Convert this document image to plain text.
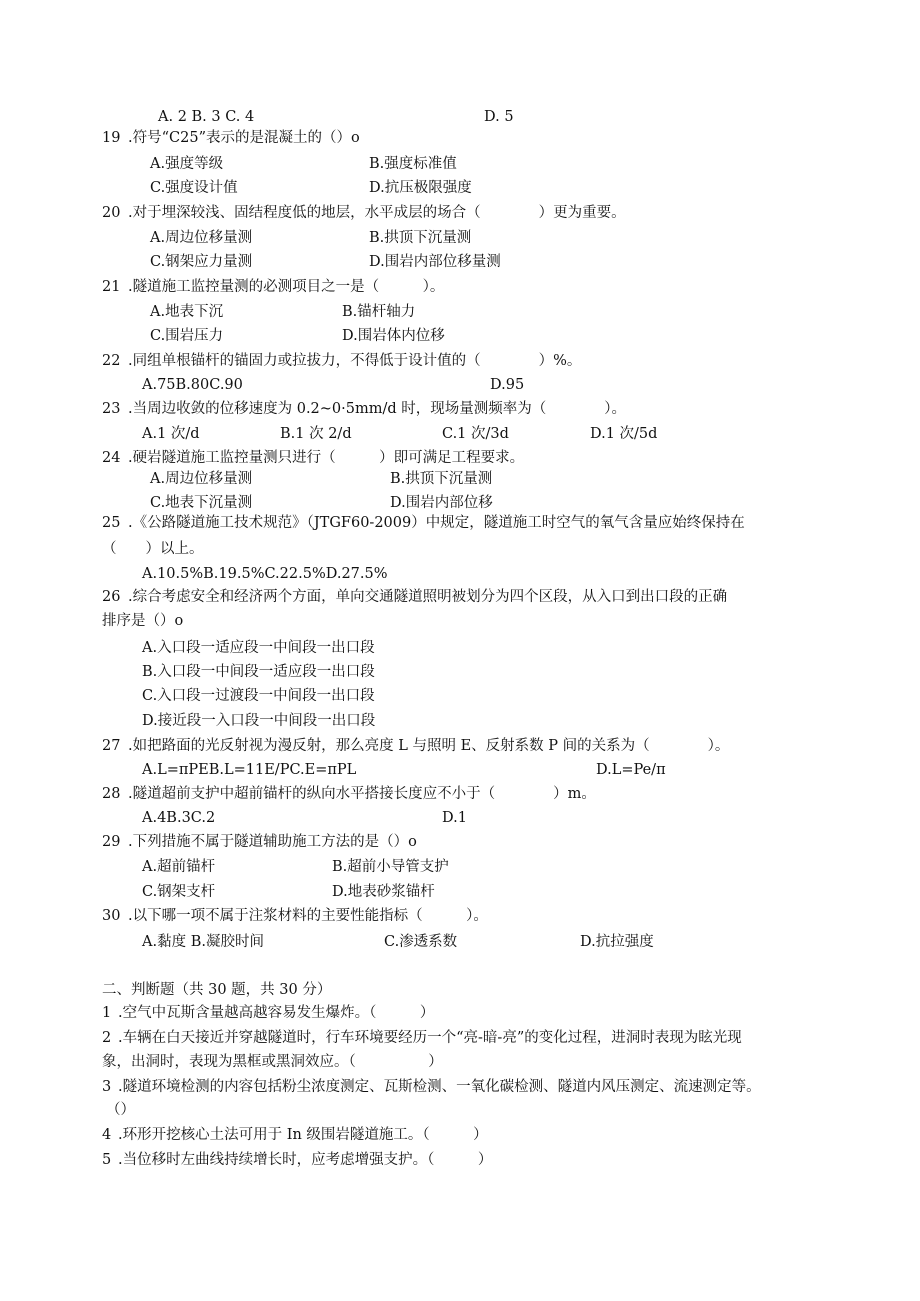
A. 2 B. 3 C. 4	D. 5
19 .符号“C25”表示的是混凝土的（）o
A.强度等级	B.强度标准值
C.强度设计值	D.抗压极限强度
20 .对于埋深较浅、固结程度低的地层，水平成层的场合（　　　　）更为重要。
A.周边位移量测	B.拱顶下沉量测
C.钢架应力量测	D.围岩内部位移量测
21 .隧道施工监控量测的必测项目之一是（　　　）。
A.地表下沉	B.锚杆轴力
C.围岩压力	D.围岩体内位移
22 .同组单根锚杆的锚固力或拉拔力，不得低于设计值的（　　　　）%。
A.75B.80C.90	D.95
23 .当周边收敛的位移速度为 0.2~0·5mm/d 时，现场量测频率为（　　　　）。
A.1 次/d	B.1 次 2/d	C.1 次/3d	D.1 次/5d
24 .硬岩隧道施工监控量测只进行（　　　）即可满足工程要求。
A.周边位移量测	B.拱顶下沉量测
C.地表下沉量测	D.围岩内部位移
25 .《公路隧道施工技术规范》（JTGF60-2009）中规定，隧道施工时空气的氧气含量应始终保持在
（　　）以上。
A.10.5%B.19.5%C.22.5%D.27.5%
26 .综合考虑安全和经济两个方面，单向交通隧道照明被划分为四个区段，从入口到出口段的正确
排序是（）o
A.入口段一适应段一中间段一出口段
B.入口段一中间段一适应段一出口段
C.入口段一过渡段一中间段一出口段
D.接近段一入口段一中间段一出口段
27 .如把路面的光反射视为漫反射，那么亮度 L 与照明 E、反射系数 P 间的关系为（　　　　）。
A.L=πPEB.L=11E/PC.E=πPL	D.L=Pe/π
28 .隧道超前支护中超前锚杆的纵向水平搭接长度应不小于（　　　　）m。
A.4B.3C.2	D.1
29 .下列措施不属于隧道辅助施工方法的是（）o
A.超前锚杆	B.超前小导管支护
C.钢架支杆	D.地表砂浆锚杆
30 .以下哪一项不属于注浆材料的主要性能指标（　　　）。
A.黏度 B.凝胶时间	C.渗透系数	D.抗拉强度
二、判断题（共 30 题，共 30 分）
1 .空气中瓦斯含量越高越容易发生爆炸。（　　　）
2 .车辆在白天接近并穿越隧道时，行车环境要经历一个“亮-暗-亮”的变化过程，进洞时表现为眩光现
象，出洞时，表现为黑框或黑洞效应。（　　　　　）
3 .隧道环境检测的内容包括粉尘浓度测定、瓦斯检测、一氧化碳检测、隧道内风压测定、流速测定等。
（）
4 .环形开挖核心土法可用于 In 级围岩隧道施工。（　　　）
5 .当位移时左曲线持续增长时，应考虑增强支护。（　　　）
